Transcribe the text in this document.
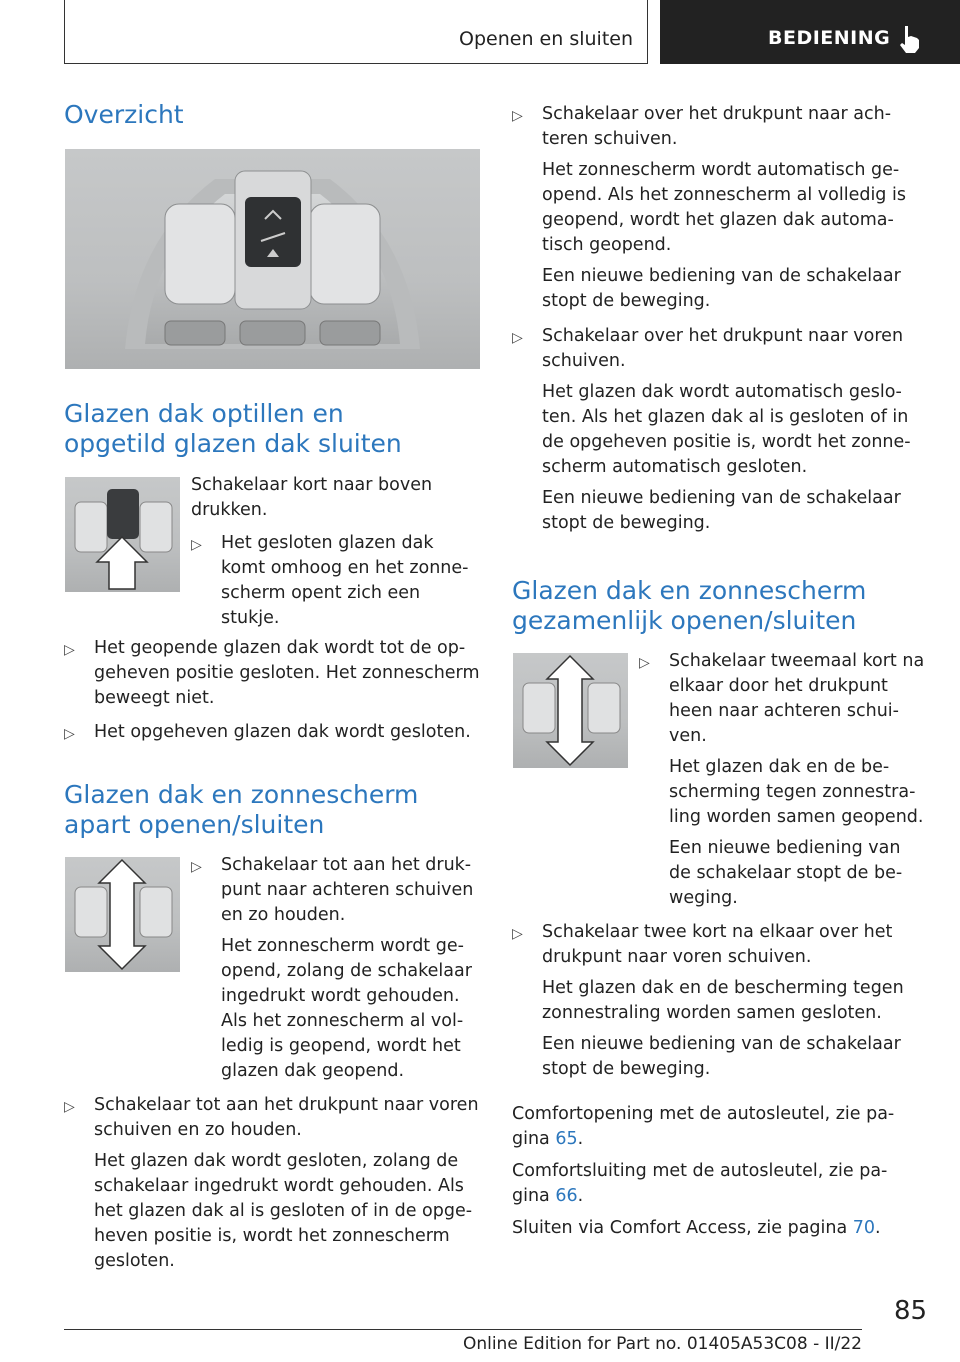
Openen en sluiten	BEDIENING
Overzicht
Glazen dak optillen en opgetild glazen dak sluiten

Schakelaar kort naar boven drukken.

▷ Het gesloten glazen dak komt omhoog en het zonnescherm opent zich een stukje.
▷ Het geopende glazen dak wordt tot de opgeheven positie gesloten. Het zonnescherm beweegt niet.
▷ Het opgeheven glazen dak wordt gesloten.
Glazen dak en zonnescherm apart openen/sluiten
▷ Schakelaar tot aan het drukpunt naar achteren schuiven en zo houden.
Het zonnescherm wordt geopend, zolang de schakelaar ingedrukt wordt gehouden. Als het zonnescherm al volledig is geopend, wordt het glazen dak geopend.
▷ Schakelaar tot aan het drukpunt naar voren schuiven en zo houden.
Het glazen dak wordt gesloten, zolang de schakelaar ingedrukt wordt gehouden. Als het glazen dak al is gesloten of in de opgeheven positie is, wordt het zonnescherm gesloten.
▷ Schakelaar over het drukpunt naar achteren schuiven.
Het zonnescherm wordt automatisch geopend. Als het zonnescherm al volledig is geopend, wordt het glazen dak automatisch geopend.
Een nieuwe bediening van de schakelaar stopt de beweging.
▷ Schakelaar over het drukpunt naar voren schuiven.
Het glazen dak wordt automatisch gesloten. Als het glazen dak al is gesloten of in de opgeheven positie is, wordt het zonnescherm automatisch gesloten.
Een nieuwe bediening van de schakelaar stopt de beweging.
Glazen dak en zonnescherm gezamenlijk openen/sluiten
▷ Schakelaar tweemaal kort na elkaar door het drukpunt heen naar achteren schuiven.
Het glazen dak en de bescherming tegen zonnestraling worden samen geopend.
Een nieuwe bediening van de schakelaar stopt de beweging.
▷ Schakelaar twee kort na elkaar over het drukpunt naar voren schuiven.
Het glazen dak en de bescherming tegen zonnestraling worden samen gesloten.
Een nieuwe bediening van de schakelaar stopt de beweging.

Comfortopening met de autosleutel, zie pagina 65.

Comfortsluiting met de autosleutel, zie pagina 66.

Sluiten via Comfort Access, zie pagina 70.

85
Online Edition for Part no. 01405A53C08 - II/22
